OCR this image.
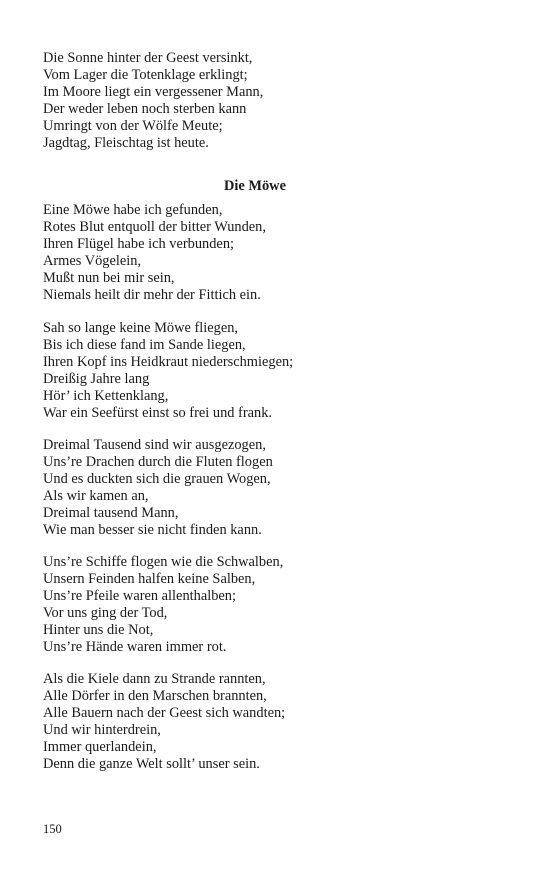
Die Sonne hinter der Geest versinkt,
Vom Lager die Totenklage erklingt;
Im Moore liegt ein vergessener Mann,
Der weder leben noch sterben kann
Umringt von der Wölfe Meute;
Jagdtag, Fleischtag ist heute.
Die Möwe
Eine Möwe habe ich gefunden,
Rotes Blut entquoll der bitter Wunden,
Ihren Flügel habe ich verbunden;
Armes Vögelein,
Mußt nun bei mir sein,
Niemals heilt dir mehr der Fittich ein.
Sah so lange keine Möwe fliegen,
Bis ich diese fand im Sande liegen,
Ihren Kopf ins Heidkraut niederschmiegen;
Dreißig Jahre lang
Hör’ ich Kettenklang,
War ein Seefürst einst so frei und frank.
Dreimal Tausend sind wir ausgezogen,
Uns’re Drachen durch die Fluten flogen
Und es duckten sich die grauen Wogen,
Als wir kamen an,
Dreimal tausend Mann,
Wie man besser sie nicht finden kann.
Uns’re Schiffe flogen wie die Schwalben,
Unsern Feinden halfen keine Salben,
Uns’re Pfeile waren allenthalben;
Vor uns ging der Tod,
Hinter uns die Not,
Uns’re Hände waren immer rot.
Als die Kiele dann zu Strande rannten,
Alle Dörfer in den Marschen brannten,
Alle Bauern nach der Geest sich wandten;
Und wir hinterdrein,
Immer querlandein,
Denn die ganze Welt sollt’ unser sein.
150
